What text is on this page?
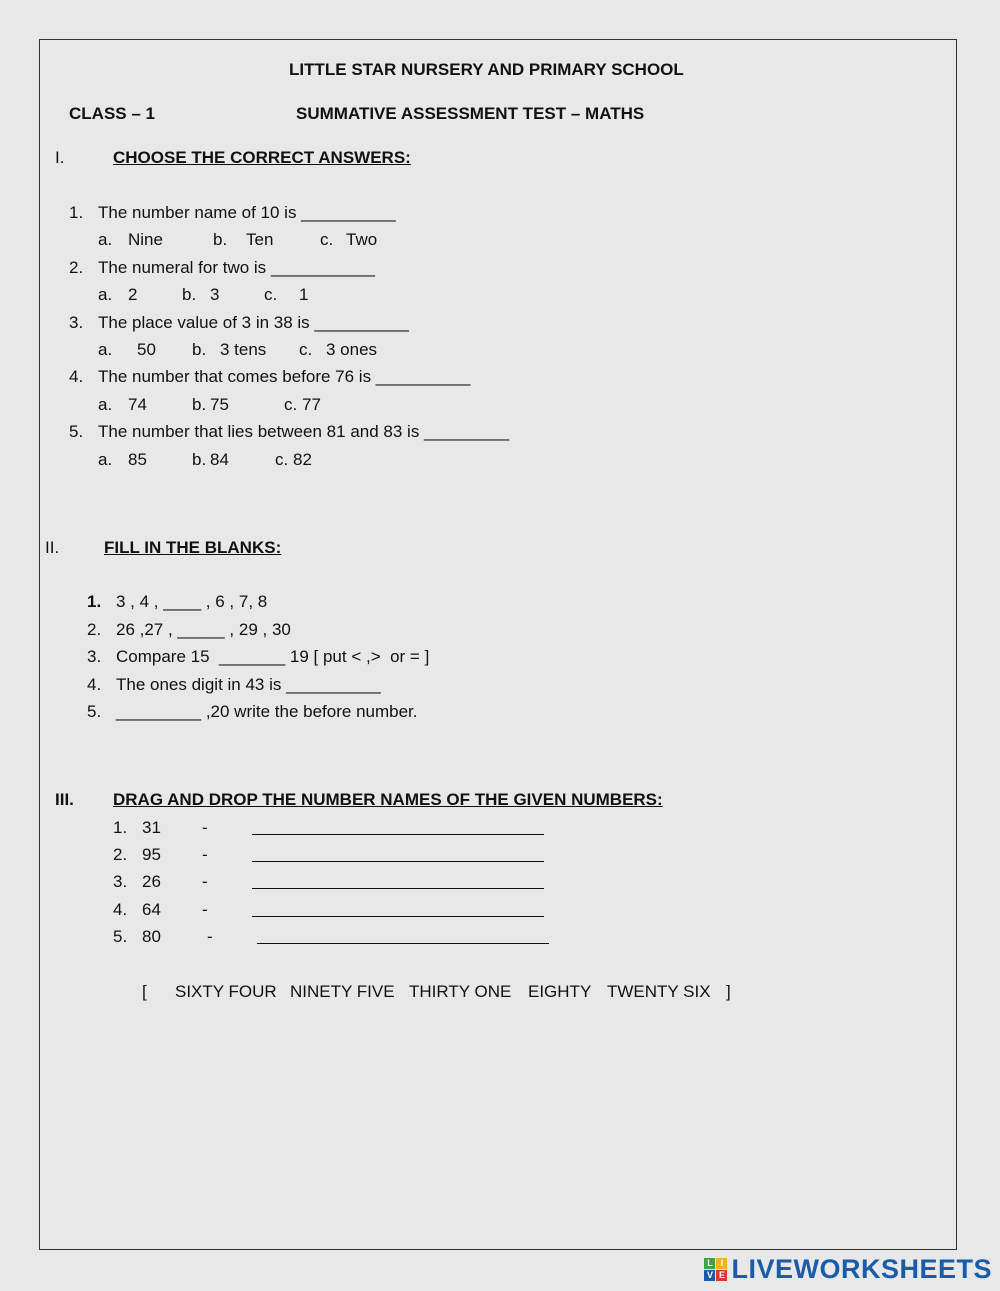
LITTLE STAR NURSERY AND PRIMARY SCHOOL
CLASS – 1	SUMMATIVE ASSESSMENT TEST – MATHS
I.	CHOOSE THE CORRECT ANSWERS:
1. The number name of 10 is __________
a. Nine	b. Ten	c. Two
2. The numeral for two is ___________
a. 2	b. 3	c. 1
3. The place value of 3 in 38 is __________
a. 50 b. 3 tens c. 3 ones
4. The number that comes before 76 is __________
a. 74	b. 75	c. 77
5. The number that lies between 81 and 83 is _________
a. 85	b. 84	c. 82
II.	FILL IN THE BLANKS:
1. 3 , 4 , ____ , 6 , 7, 8
2. 26 ,27 , _____ , 29 , 30
3. Compare 15  _______ 19 [ put < ,>  or = ]
4. The ones digit in 43 is __________
5. _________ ,20 write the before number.
III. DRAG AND DROP THE NUMBER NAMES OF THE GIVEN NUMBERS:
1. 31 -
2. 95 -
3. 26 -
4. 64 -
5. 80	-
[ SIXTY FOUR NINETY FIVE THIRTY ONE EIGHTY TWENTY SIX ]
L I
V E LIVEWORKSHEETS
